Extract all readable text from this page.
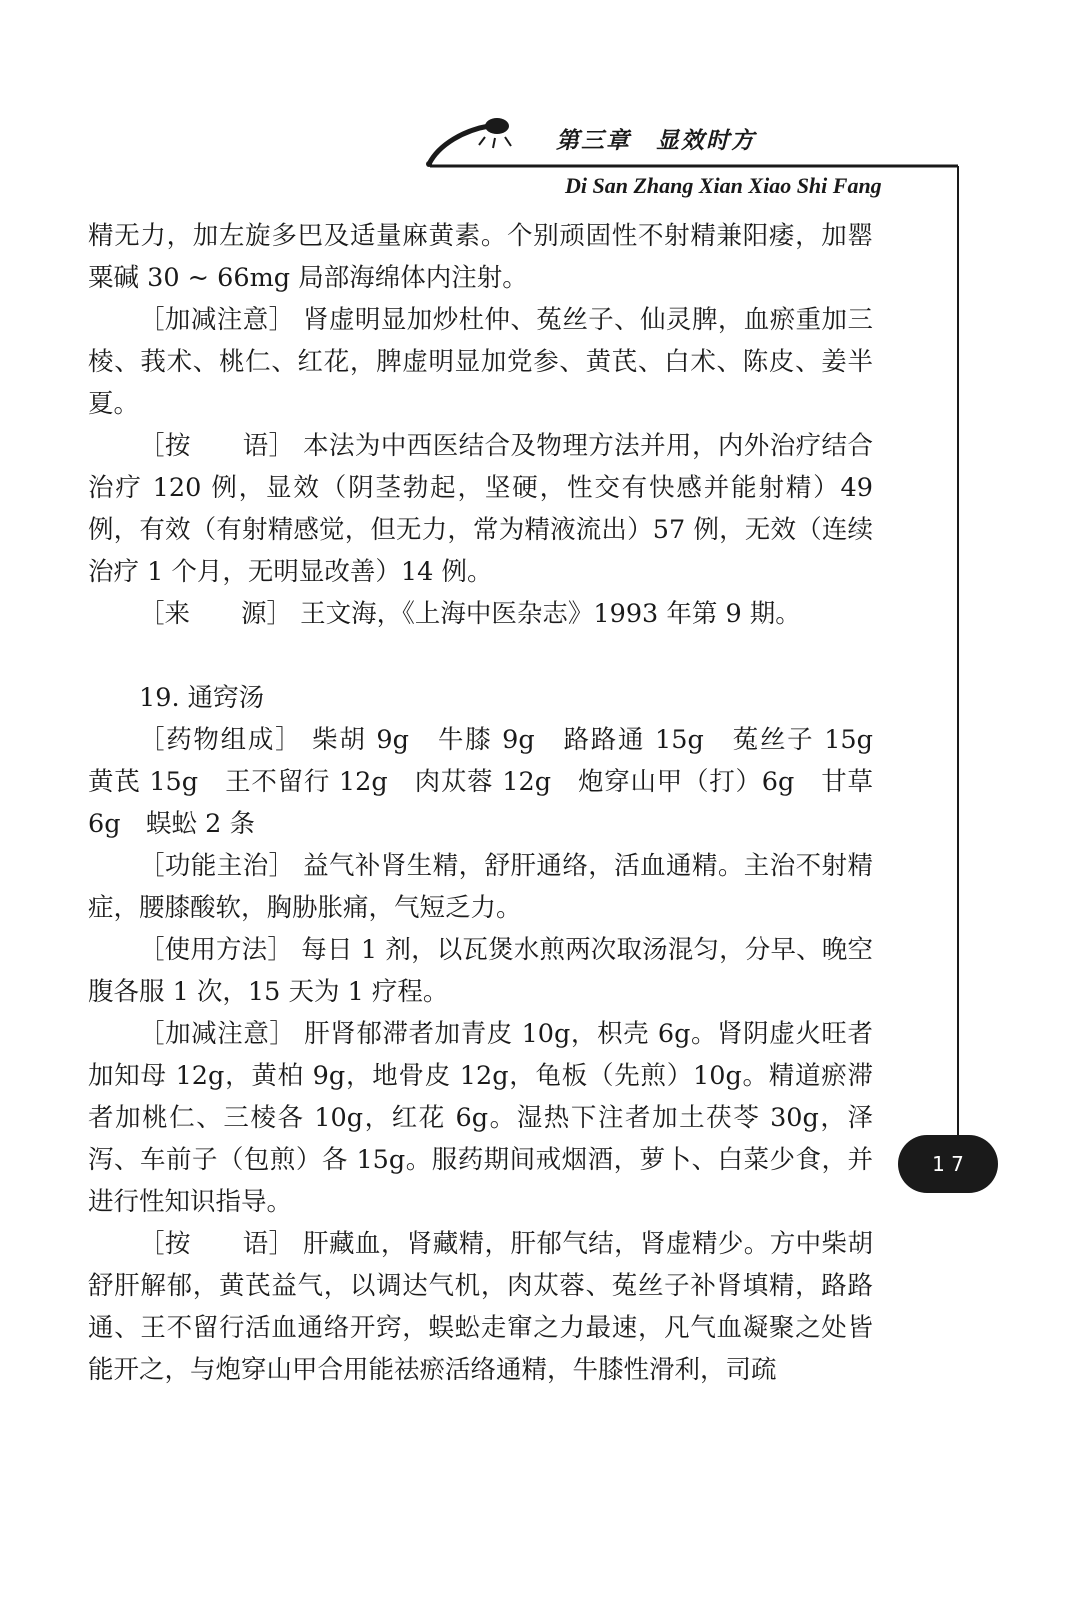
第三章　显效时方
Di San Zhang Xian Xiao Shi Fang
1 7

精无力，加左旋多巴及适量麻黄素。个别顽固性不射精兼阳痿，加罂粟碱 30 ~ 66mg 局部海绵体内注射。

［加减注意］ 肾虚明显加炒杜仲、菟丝子、仙灵脾，血瘀重加三棱、莪术、桃仁、红花，脾虚明显加党参、黄芪、白术、陈皮、姜半夏。

［按　　语］ 本法为中西医结合及物理方法并用，内外治疗结合治疗 120 例，显效（阴茎勃起，坚硬，性交有快感并能射精）49 例，有效（有射精感觉，但无力，常为精液流出）57 例，无效（连续治疗 1 个月，无明显改善）14 例。

［来　　源］ 王文海，《上海中医杂志》1993 年第 9 期。

19. 通窍汤

［药物组成］ 柴胡 9g　牛膝 9g　路路通 15g　菟丝子 15g　黄芪 15g　王不留行 12g　肉苁蓉 12g　炮穿山甲（打）6g　甘草 6g　蜈蚣 2 条

［功能主治］ 益气补肾生精，舒肝通络，活血通精。主治不射精症，腰膝酸软，胸胁胀痛，气短乏力。

［使用方法］ 每日 1 剂，以瓦煲水煎两次取汤混匀，分早、晚空腹各服 1 次，15 天为 1 疗程。

［加减注意］ 肝肾郁滞者加青皮 10g，枳壳 6g。肾阴虚火旺者加知母 12g，黄柏 9g，地骨皮 12g，龟板（先煎）10g。精道瘀滞者加桃仁、三棱各 10g，红花 6g。湿热下注者加土茯苓 30g，泽泻、车前子（包煎）各 15g。服药期间戒烟酒，萝卜、白菜少食，并进行性知识指导。

［按　　语］ 肝藏血，肾藏精，肝郁气结，肾虚精少。方中柴胡舒肝解郁，黄芪益气，以调达气机，肉苁蓉、菟丝子补肾填精，路路通、王不留行活血通络开窍，蜈蚣走窜之力最速，凡气血凝聚之处皆能开之，与炮穿山甲合用能祛瘀活络通精，牛膝性滑利，司疏
